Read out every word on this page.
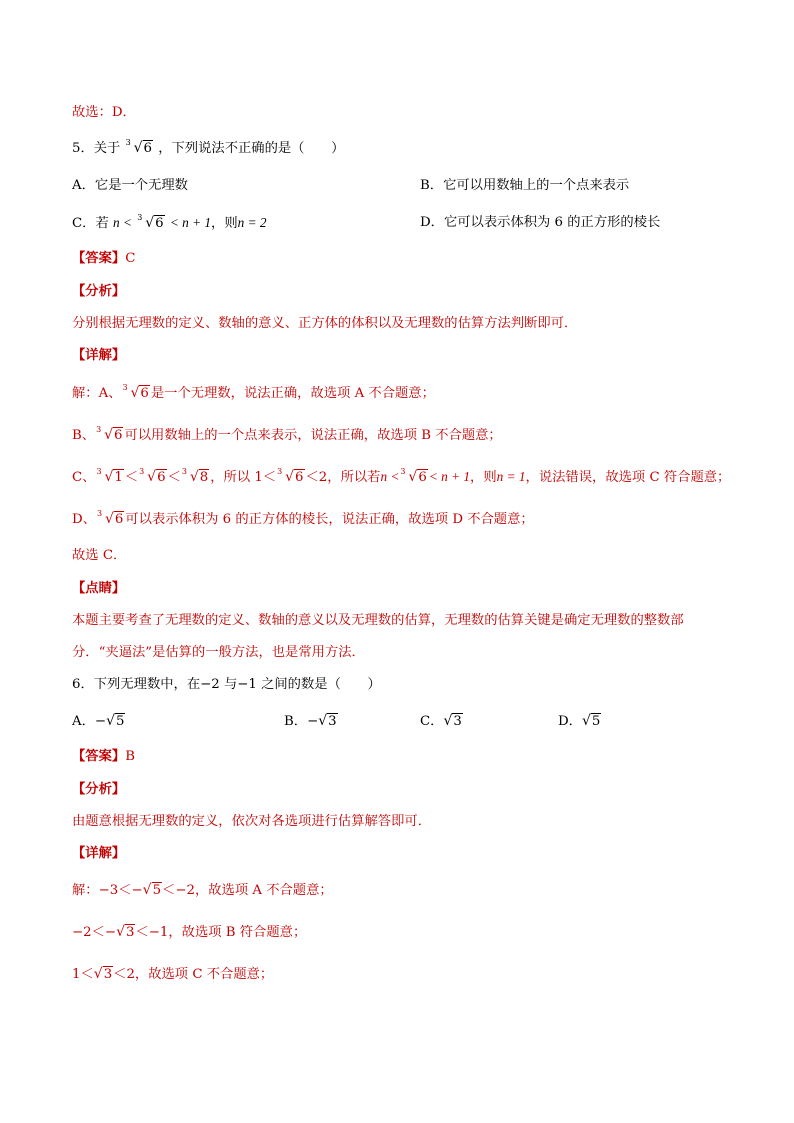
故选：D．
5．关于 3 √6 ，下列说法不正确的是（　　）
A．它是一个无理数	B．它可以用数轴上的一个点来表示
C．若 n < 3 √6 < n + 1，则n = 2	D．它可以表示体积为 6 的正方形的棱长
【答案】C
【分析】
分别根据无理数的定义、数轴的意义、正方体的体积以及无理数的估算方法判断即可．
【详解】
解：A、 3 √6 是一个无理数，说法正确，故选项 A 不合题意；
B、 3 √6 可以用数轴上的一个点来表示，说法正确，故选项 B 不合题意；
C、 3 √1 ＜ 3 √6 ＜ 3 √8 ，所以 1＜ 3 √6 ＜2，所以若n < 3 √6 < n + 1，则n = 1，说法错误，故选项 C 符合题意；
D、 3 √6 可以表示体积为 6 的正方体的棱长，说法正确，故选项 D 不合题意；
故选 C．
【点睛】
本题主要考查了无理数的定义、数轴的意义以及无理数的估算，无理数的估算关键是确定无理数的整数部
分．“夹逼法”是估算的一般方法，也是常用方法．
6．下列无理数中，在−2 与−1 之间的数是（　　）
A．−√5	B．−√3	C．√3	D．√5
【答案】B
【分析】
由题意根据无理数的定义，依次对各选项进行估算解答即可．
【详解】
解：−3＜−√5＜−2，故选项 A 不合题意；
−2＜−√3＜−1，故选项 B 符合题意；
1＜√3＜2，故选项 C 不合题意；
